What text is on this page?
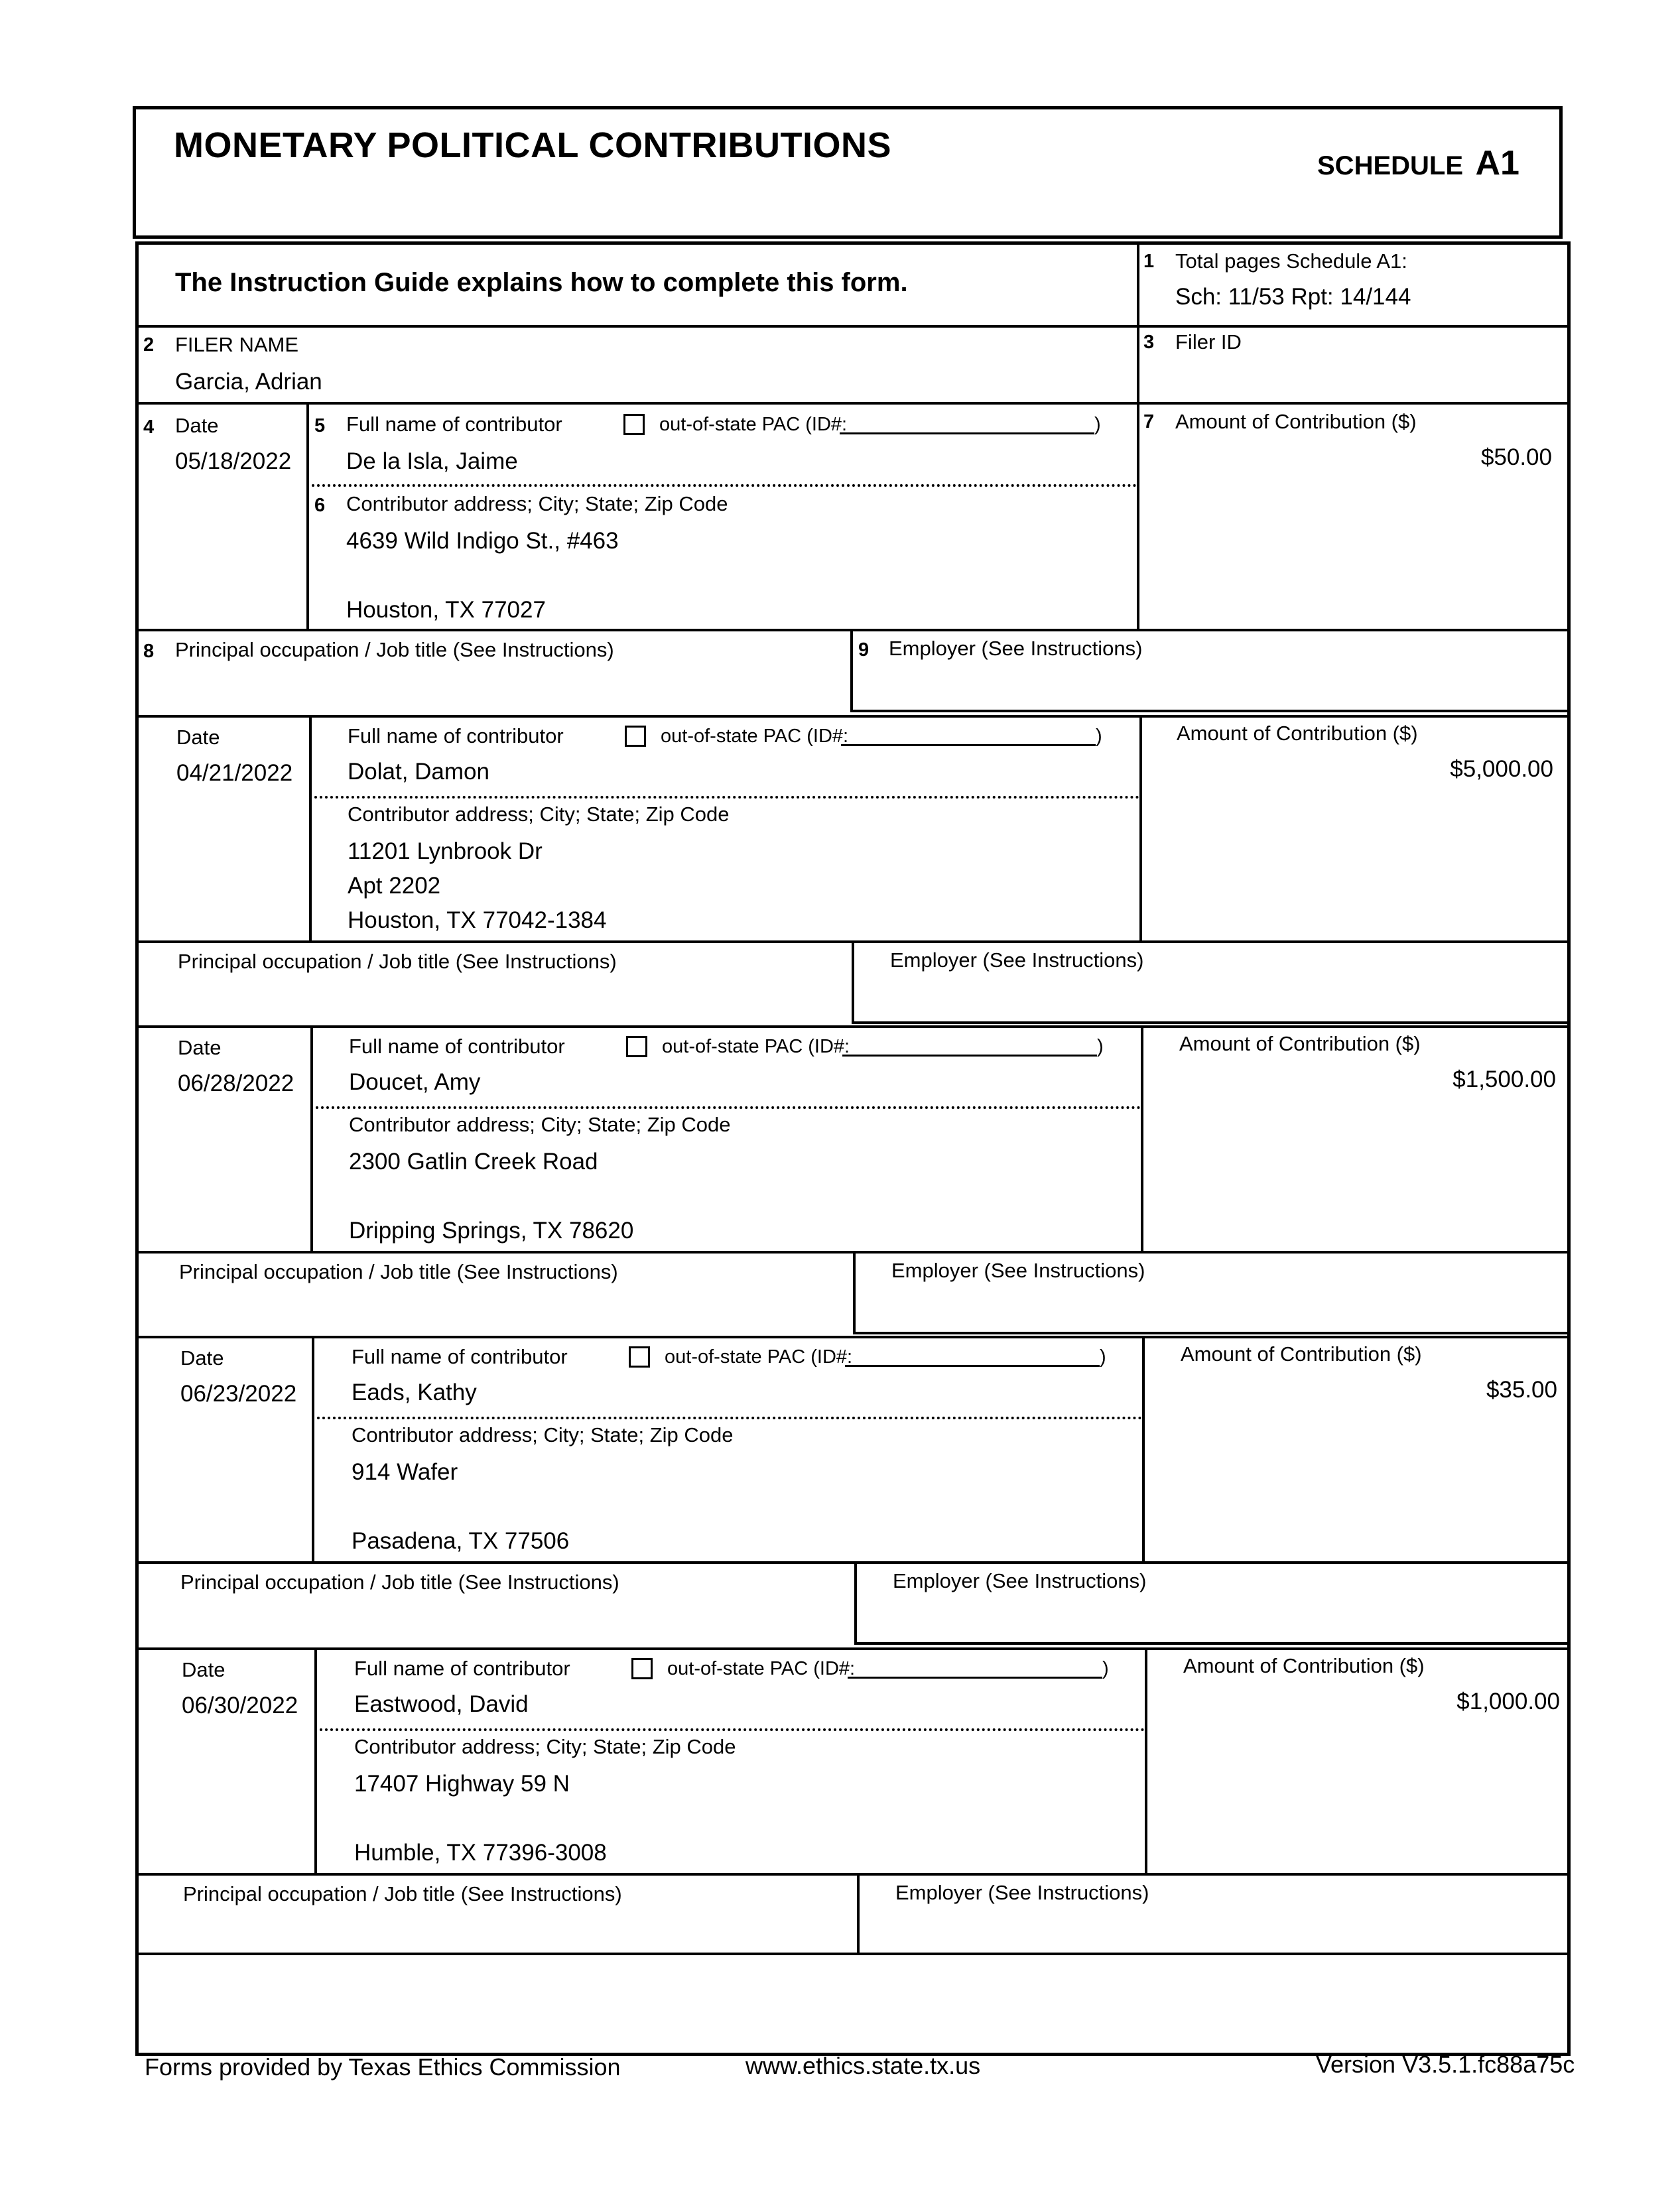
MONETARY POLITICAL CONTRIBUTIONS
SCHEDULE A1
The Instruction Guide explains how to complete this form.
1 Total pages Schedule A1:
Sch: 11/53 Rpt: 14/144
2 FILER NAME
Garcia, Adrian
3 Filer ID
4 Date
05/18/2022
5 Full name of contributor	out-of-state PAC (ID#:	)
De la Isla, Jaime
6 Contributor address; City; State; Zip Code
4639 Wild Indigo St., #463
Houston, TX 77027
7 Amount of Contribution ($)
$50.00
8 Principal occupation / Job title (See Instructions)	9 Employer (See Instructions)
Date
04/21/2022
Full name of contributor	out-of-state PAC (ID#:	)
Dolat, Damon
Contributor address; City; State; Zip Code
11201 Lynbrook Dr
Apt 2202
Houston, TX 77042-1384
Amount of Contribution ($)
$5,000.00
Principal occupation / Job title (See Instructions)	Employer (See Instructions)
Date
06/28/2022
Full name of contributor	out-of-state PAC (ID#:	)
Doucet, Amy
Contributor address; City; State; Zip Code
2300 Gatlin Creek Road
Dripping Springs, TX 78620
Amount of Contribution ($)
$1,500.00
Principal occupation / Job title (See Instructions)	Employer (See Instructions)
Date
06/23/2022
Full name of contributor	out-of-state PAC (ID#:	)
Eads, Kathy
Contributor address; City; State; Zip Code
914 Wafer
Pasadena, TX 77506
Amount of Contribution ($)
$35.00
Principal occupation / Job title (See Instructions)	Employer (See Instructions)
Date
06/30/2022
Full name of contributor	out-of-state PAC (ID#:	)
Eastwood, David
Contributor address; City; State; Zip Code
17407 Highway 59 N
Humble, TX 77396-3008
Amount of Contribution ($)
$1,000.00
Principal occupation / Job title (See Instructions)	Employer (See Instructions)
Forms provided by Texas Ethics Commission	www.ethics.state.tx.us	Version V3.5.1.fc88a75c
